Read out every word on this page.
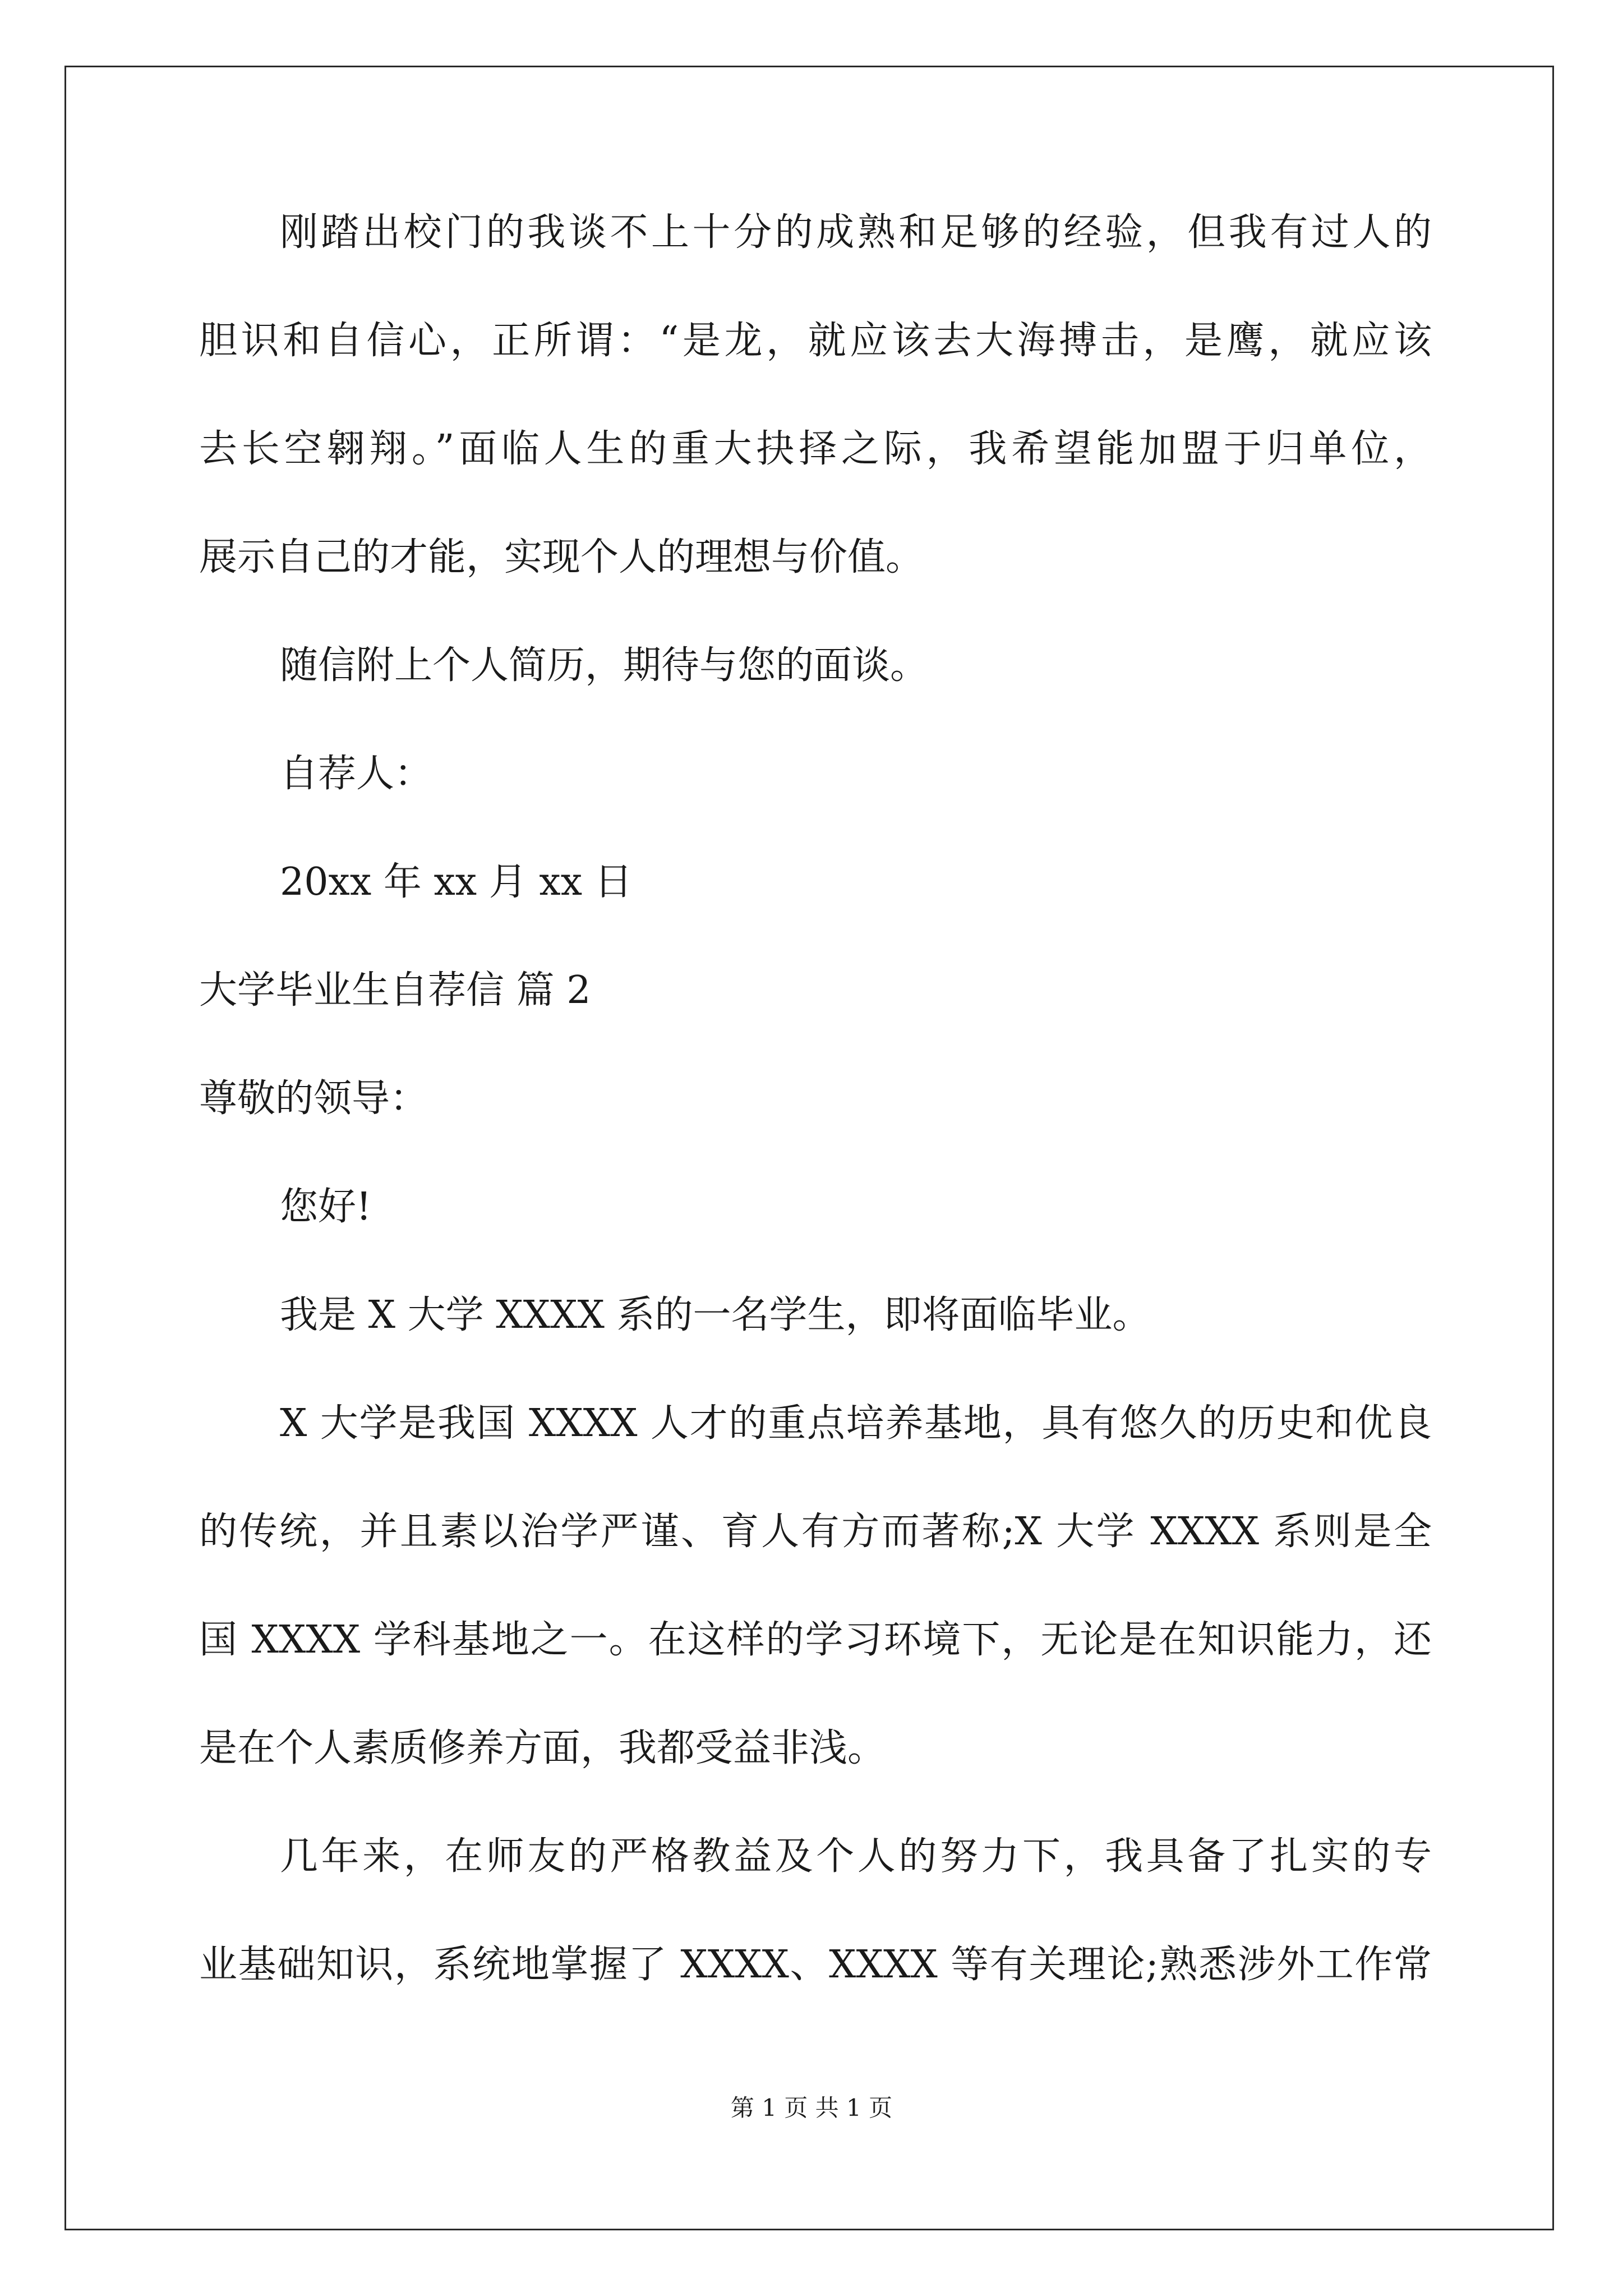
刚踏出校门的我谈不上十分的成熟和足够的经验，但我有过人的
胆识和自信心，正所谓：“是龙，就应该去大海搏击，是鹰，就应该
去长空翱翔。”面临人生的重大抉择之际，我希望能加盟于归单位，
展示自己的才能，实现个人的理想与价值。
随信附上个人简历，期待与您的面谈。
自荐人：
20xx 年 xx 月 xx 日
大学毕业生自荐信 篇 2
尊敬的领导：
您好!
我是 X 大学 XXXX 系的一名学生，即将面临毕业。
X 大学是我国 XXXX 人才的重点培养基地，具有悠久的历史和优良
的传统，并且素以治学严谨、育人有方而著称;X 大学 XXXX 系则是全
国 XXXX 学科基地之一。在这样的学习环境下，无论是在知识能力，还
是在个人素质修养方面，我都受益非浅。
几年来，在师友的严格教益及个人的努力下，我具备了扎实的专
业基础知识，系统地掌握了 XXXX、XXXX 等有关理论;熟悉涉外工作常
第 1 页 共 1 页
